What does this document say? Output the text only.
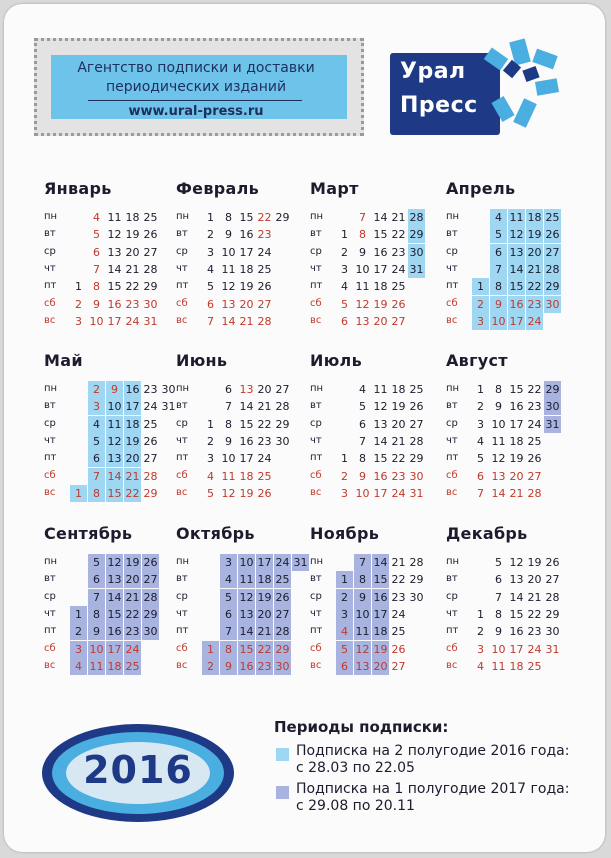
Агентство подписки и доставки
периодических изданий
www.ural-press.ru
Урал
Пресс
Январь
пн
вт
ср
чт
пт
сб
вс
1
2
3
4
5
6
7
8
9
10
11
12
13
14
15
16
17
18
19
20
21
22
23
24
25
26
27
28
29
30
31
Февраль
пн
вт
ср
чт
пт
сб
вс
1
2
3
4
5
6
7
8
9
10
11
12
13
14
15
16
17
18
19
20
21
22
23
24
25
26
27
28
29
Март
пн
вт
ср
чт
пт
сб
вс
1
2
3
4
5
6
7
8
9
10
11
12
13
14
15
16
17
18
19
20
21
22
23
24
25
26
27
28
29
30
31
Апрель
пн
вт
ср
чт
пт
сб
вс
1
2
3
4
5
6
7
8
9
10
11
12
13
14
15
16
17
18
19
20
21
22
23
24
25
26
27
28
29
30
Май
пн
вт
ср
чт
пт
сб
вс	1
2
3
4
5
6
7
8
9
10
11
12
13
14
15
16
17
18
19
20
21
22
23
24
25
26
27
28
29
30
31
Июнь
пн
вт
ср
чт
пт
сб
вс
1
2
3
4
5
6
7
8
9
10
11
12
13
14
15
16
17
18
19
20
21
22
23
24
25
26
27
28
29
30
Июль
пн
вт
ср
чт
пт
сб
вс
1
2
3
4
5
6
7
8
9
10
11
12
13
14
15
16
17
18
19
20
21
22
23
24
25
26
27
28
29
30
31
Август
пн
вт
ср
чт
пт
сб
вс
1
2
3
4
5
6
7
8
9
10
11
12
13
14
15
16
17
18
19
20
21
22
23
24
25
26
27
28
29
30
31
Сентябрь
пн
вт
ср
чт
пт
сб
вс
1
2
3
4
5
6
7
8
9
10
11
12
13
14
15
16
17
18
19
20
21
22
23
24
25
26
27
28
29
30
Октябрь
пн
вт
ср
чт
пт
сб
вс
1
2
3
4
5
6
7
8
9
10
11
12
13
14
15
16
17
18
19
20
21
22
23
24
25
26
27
28
29
30
31
Ноябрь
пн
вт
ср
чт
пт
сб
вс
1
2
3
4
5
6
7
8
9
10
11
12
13
14
15
16
17
18
19
20
21
22
23
24
25
26
27
28
29
30
Декабрь
пн
вт
ср
чт
пт
сб
вс
1
2
3
4
5
6
7
8
9
10
11
12
13
14
15
16
17
18
19
20
21
22
23
24
25
26
27
28
29
30
31
2016
Периоды подписки:
Подписка на 2 полугодие 2016 года:
с 28.03 по 22.05
Подписка на 1 полугодие 2017 года:
с 29.08 по 20.11
